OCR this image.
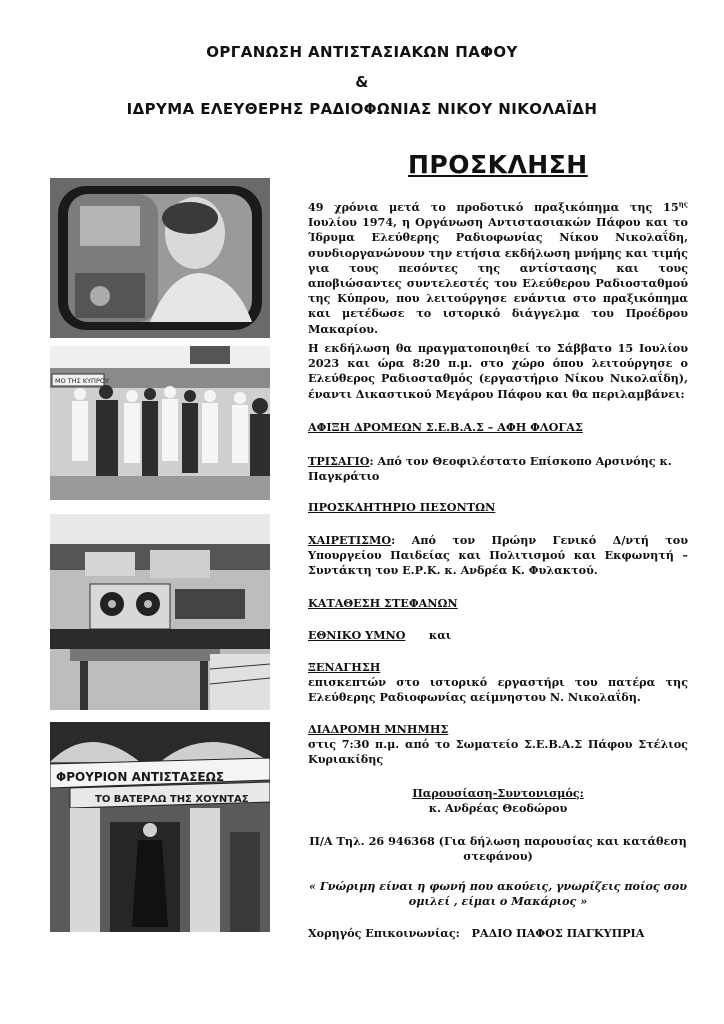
ΟΡΓΑΝΩΣΗ ΑΝΤΙΣΤΑΣΙΑΚΩΝ ΠΑΦΟΥ
&
ΙΔΡΥΜΑ ΕΛΕΥΘΕΡΗΣ ΡΑΔΙΟΦΩΝΙΑΣ ΝΙΚΟΥ ΝΙΚΟΛΑΪΔΗ
ΠΡΟΣΚΛΗΣΗ
ΜΟ ΤΗΣ ΚΥΠΡΟΥ
ΦΡΟΥΡΙΟΝ ΑΝΤΙΣΤΑΣΕΩΣ
ΤΟ ΒΑΤΕΡΛΩ ΤΗΣ ΧΟΥΝΤΑΣ
49 χρόνια μετά το προδοτικό πραξικόπημα της $15^{\eta\varsigma}$ Ιουλίου 1974, η Οργάνωση Αντιστασιακών Πάφου και το Ίδρυμα Ελεύθερης Ραδιοφωνίας Νίκου Νικολαΐδη, συνδιοργανώνουν την ετήσια εκδήλωση μνήμης και τιμής για τους πεσόντες της αντίστασης και τους αποβιώσαντες συντελεστές του Ελεύθερου Ραδιοσταθμού της Κύπρου, που λειτούργησε ενάντια στο πραξικόπημα και μετέδωσε το ιστορικό διάγγελμα του Προέδρου Μακαρίου.
Η εκδήλωση θα πραγματοποιηθεί το Σάββατο 15 Ιουλίου 2023 και ώρα 8:20 π.μ. στο χώρο όπου λειτούργησε ο Ελεύθερος Ραδιοσταθμός (εργαστήριο Νίκου Νικολαΐδη), έναντι Δικαστικού Μεγάρου Πάφου και θα περιλαμβάνει:
ΑΦΙΞΗ ΔΡΟΜΕΩΝ Σ.Ε.Β.Α.Σ – ΑΦΗ ΦΛΟΓΑΣ
ΤΡΙΣΑΓΙΟ: Από τον Θεοφιλέστατο Επίσκοπο Αρσινόης κ. Παγκράτιο
ΠΡΟΣΚΛΗΤΗΡΙΟ ΠΕΣΟΝΤΩΝ
ΧΑΙΡΕΤΙΣΜΟ: Από τον Πρώην Γενικό Δ/ντή του Υπουργείου Παιδείας και Πολιτισμού και Εκφωνητή – Συντάκτη του Ε.Ρ.Κ. κ. Ανδρέα Κ. Φυλακτού.
ΚΑΤΑΘΕΣΗ ΣΤΕΦΑΝΩΝ
ΕΘΝΙΚΟ ΥΜΝΟ και
ΞΕΝΑΓΗΣΗ
επισκεπτών στο ιστορικό εργαστήρι του πατέρα της Ελεύθερης Ραδιοφωνίας αείμνηστου Ν. Νικολαΐδη.
ΔΙΑΔΡΟΜΗ ΜΝΗΜΗΣ
στις 7:30 π.μ. από το Σωματείο Σ.Ε.Β.Α.Σ Πάφου Στέλιος Κυριακίδης
Παρουσίαση-Συντονισμός:
κ. Ανδρέας Θεοδώρου
Π/Α Τηλ. 26 946368 (Για δήλωση παρουσίας και κατάθεση στεφάνου)
« Γνώριμη είναι η φωνή που ακούεις, γνωρίζεις ποίος σου ομιλεί , είμαι ο Μακάριος »
Χορηγός Επικοινωνίας: ΡΑΔΙΟ ΠΑΦΟΣ ΠΑΓΚΥΠΡΙΑ
